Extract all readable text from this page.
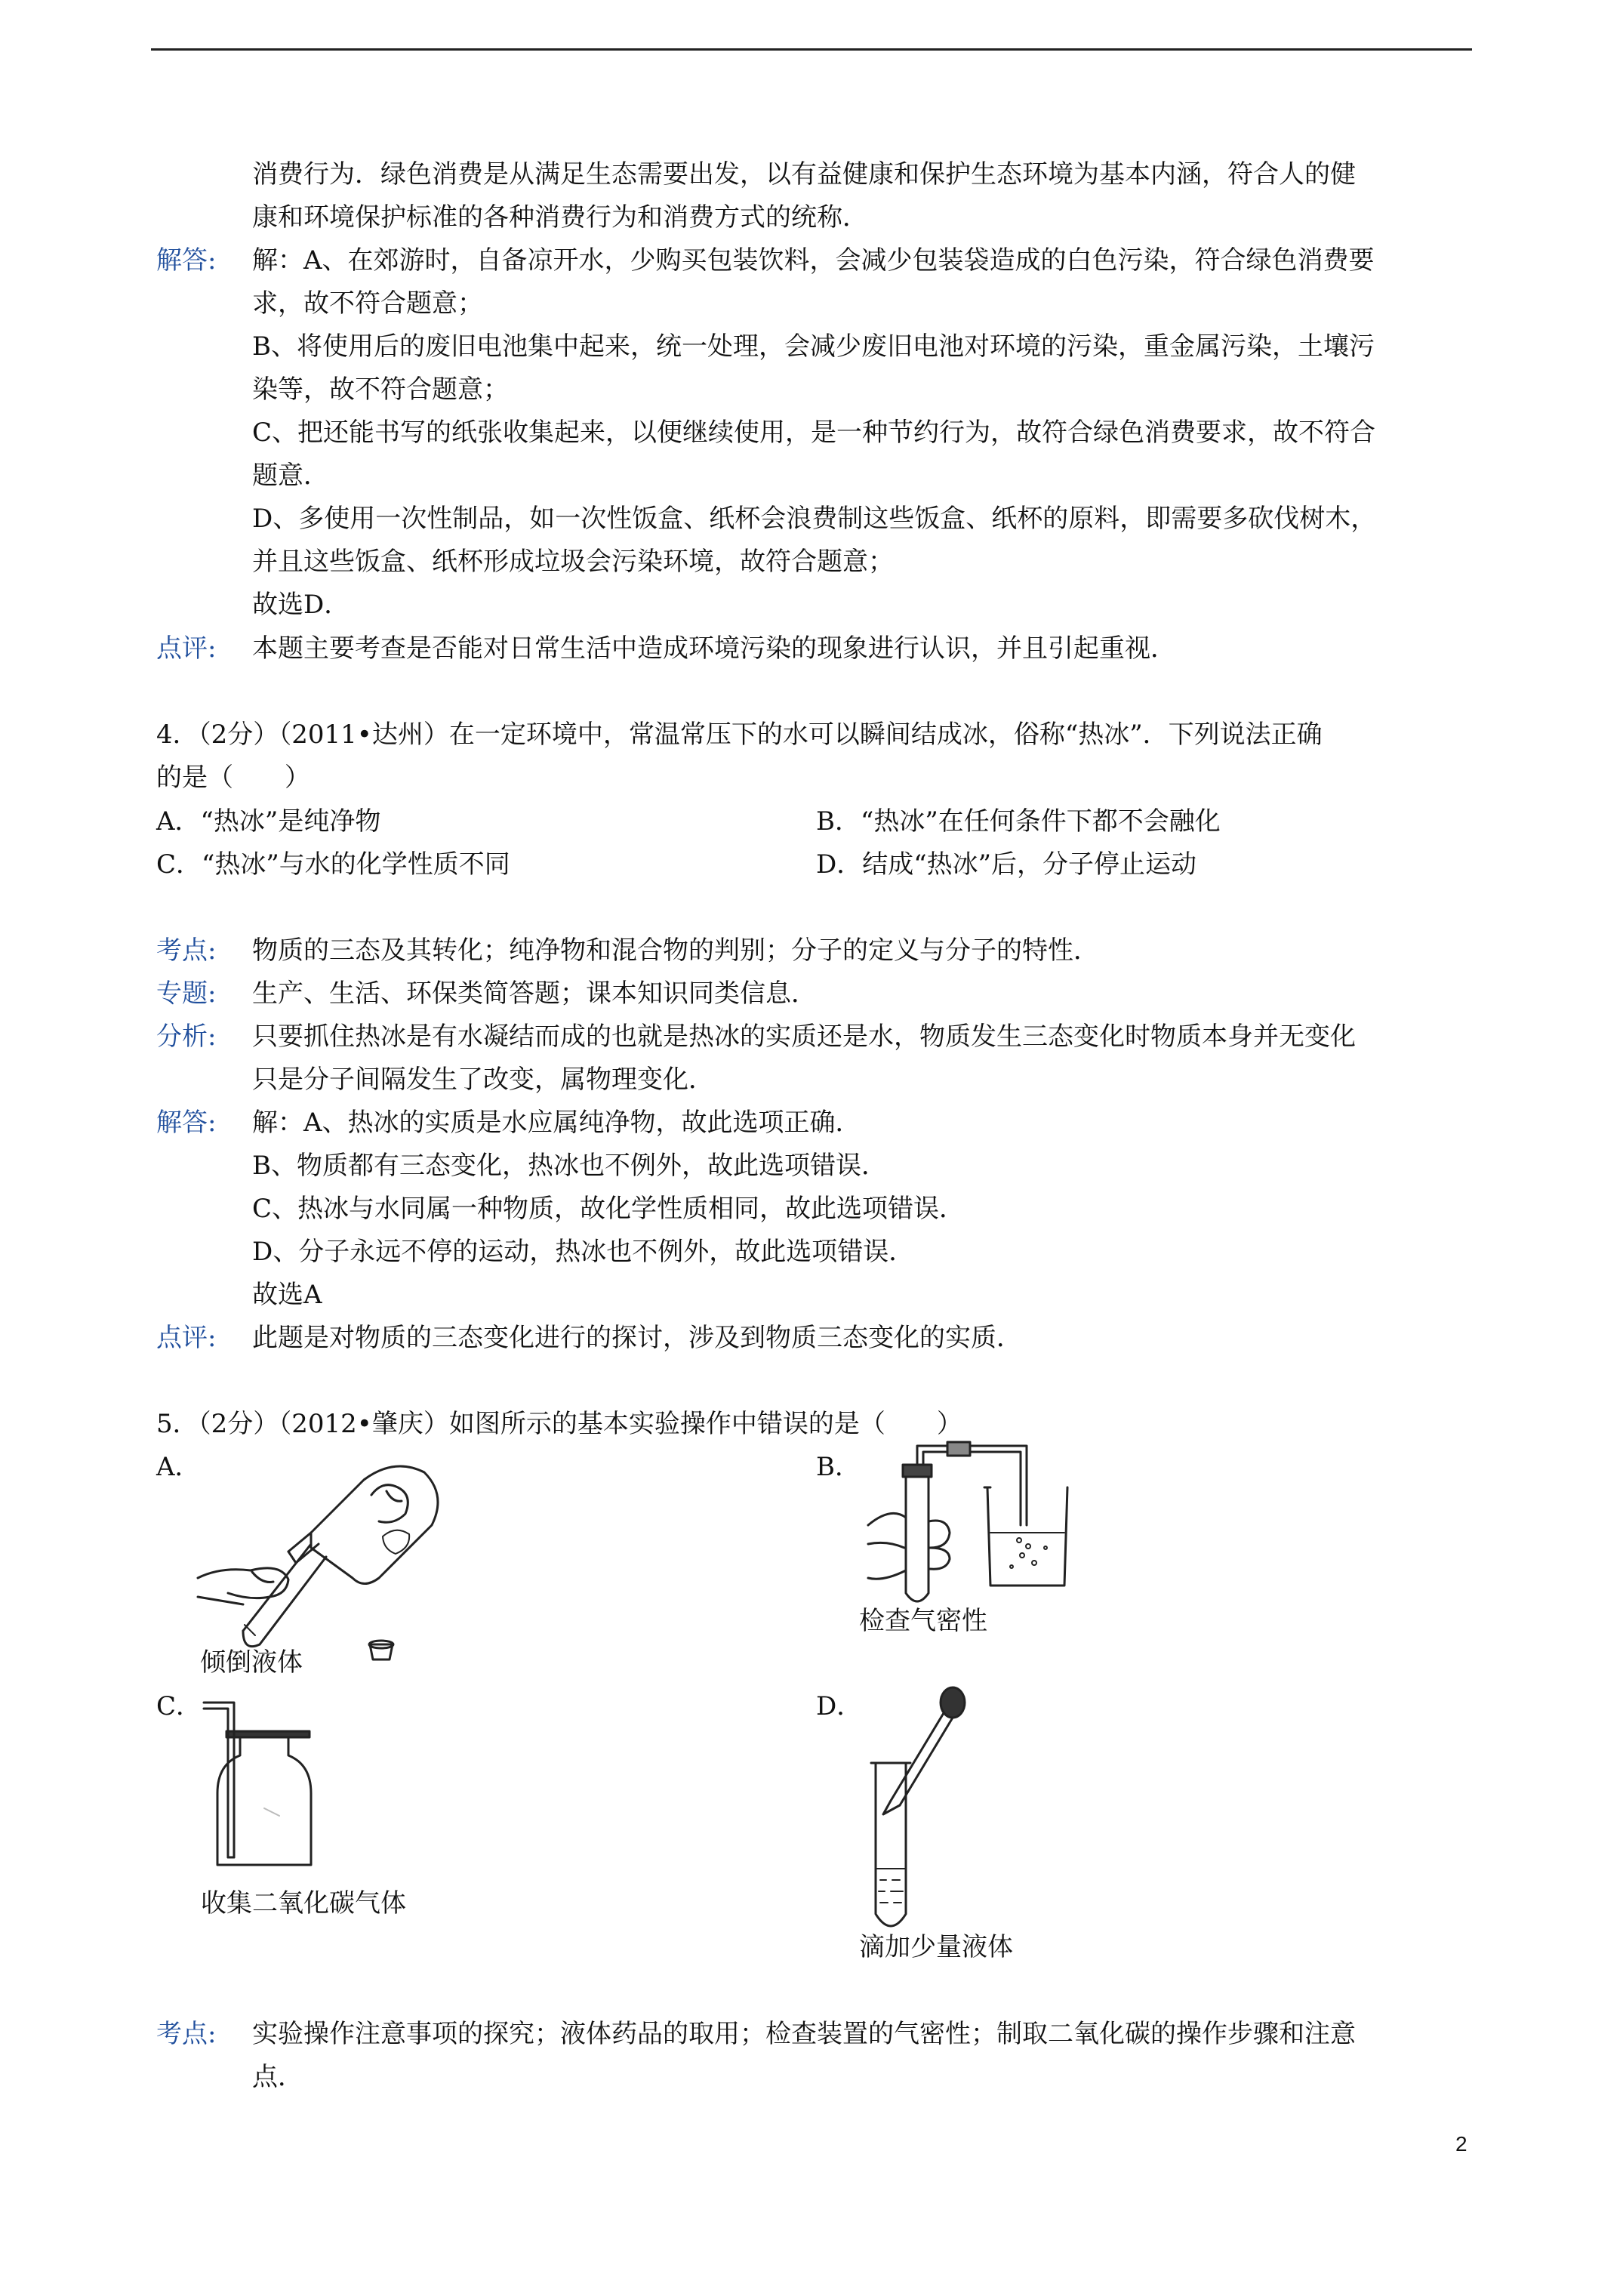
消费行为．绿色消费是从满足生态需要出发，以有益健康和保护生态环境为基本内涵，符合人的健
康和环境保护标准的各种消费行为和消费方式的统称．
解答: 解：A、在郊游时，自备凉开水，少购买包装饮料，会减少包装袋造成的白色污染，符合绿色消费要
求，故不符合题意；
B、将使用后的废旧电池集中起来，统一处理，会减少废旧电池对环境的污染，重金属污染，土壤污
染等，故不符合题意；
C、把还能书写的纸张收集起来，以便继续使用，是一种节约行为，故符合绿色消费要求，故不符合
题意．
D、多使用一次性制品，如一次性饭盒、纸杯会浪费制这些饭盒、纸杯的原料，即需要多砍伐树木，
并且这些饭盒、纸杯形成垃圾会污染环境，故符合题意；
故选D．
点评: 本题主要考查是否能对日常生活中造成环境污染的现象进行认识，并且引起重视．
4．（2分）（2011•达州）在一定环境中，常温常压下的水可以瞬间结成冰，俗称“热冰”．下列说法正确
的是（　　）
A．“热冰”是纯净物	B．“热冰”在任何条件下都不会融化
C．“热冰”与水的化学性质不同	D．结成“热冰”后，分子停止运动
考点: 物质的三态及其转化；纯净物和混合物的判别；分子的定义与分子的特性．
专题: 生产、生活、环保类简答题；课本知识同类信息．
分析: 只要抓住热冰是有水凝结而成的也就是热冰的实质还是水，物质发生三态变化时物质本身并无变化
只是分子间隔发生了改变，属物理变化．
解答: 解：A、热冰的实质是水应属纯净物，故此选项正确．
B、物质都有三态变化，热冰也不例外，故此选项错误．
C、热冰与水同属一种物质，故化学性质相同，故此选项错误．
D、分子永远不停的运动，热冰也不例外，故此选项错误．
故选A
点评: 此题是对物质的三态变化进行的探讨，涉及到物质三态变化的实质．
5．（2分）（2012•肇庆）如图所示的基本实验操作中错误的是（　　）
A．	B．
倾倒液体
检查气密性
C．	D．
收集二氧化碳气体
滴加少量液体
考点: 实验操作注意事项的探究；液体药品的取用；检查装置的气密性；制取二氧化碳的操作步骤和注意
点．
2
